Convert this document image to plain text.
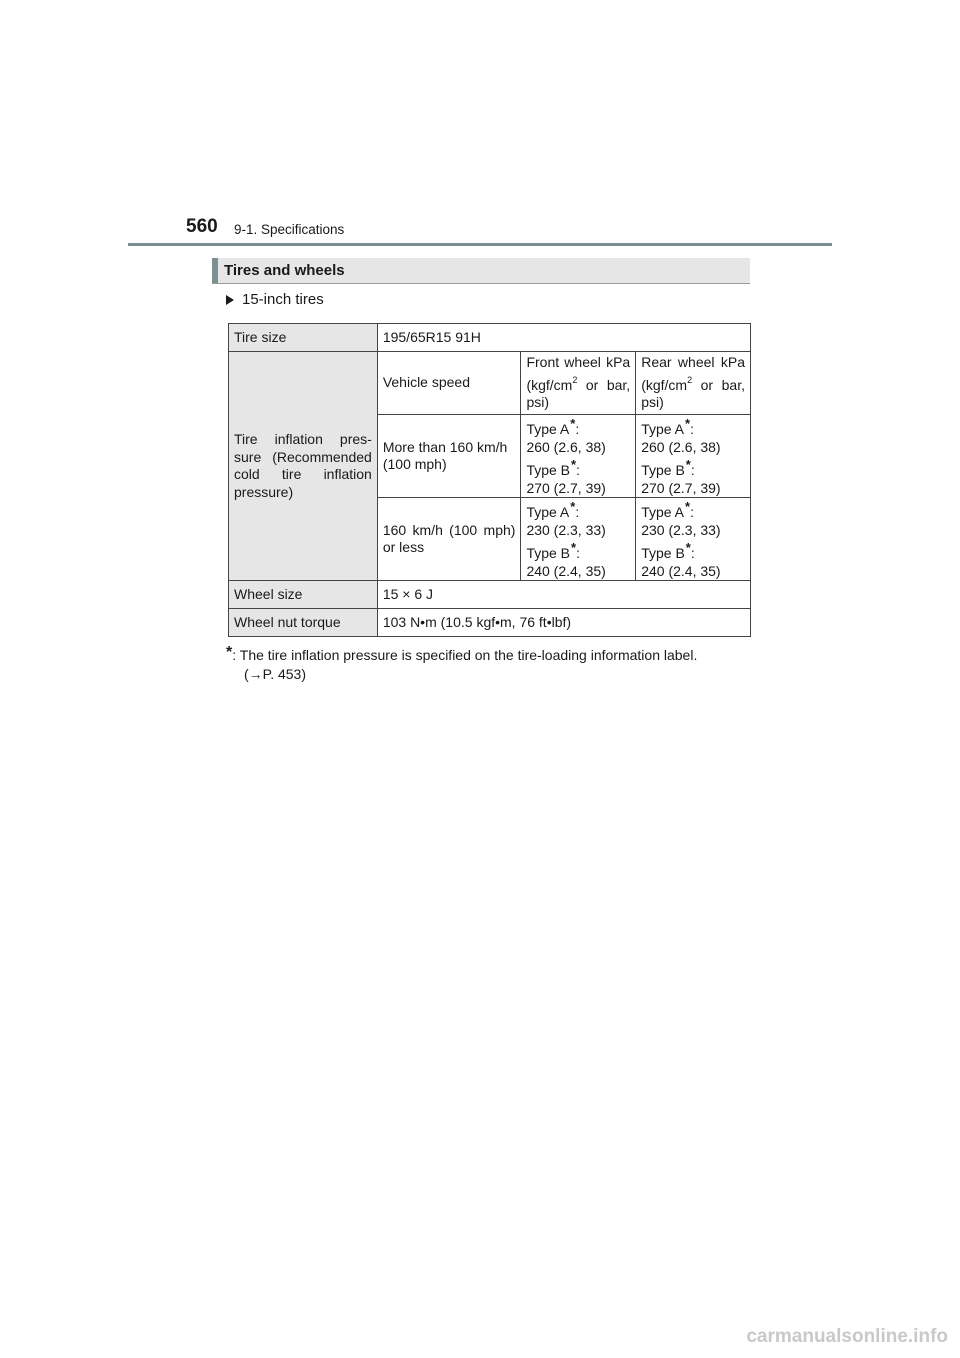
560 9-1. Specifications
Tires and wheels
15-inch tires
Tire size	195/65R15 91H		
Tire inflation pres-sure (Recommended cold tire inflation pressure)	Vehicle speed	Front wheel kPa ($kgf/cm^2$ or bar, psi)	Rear wheel kPa ($kgf/cm^2$ or bar, psi)
	More than 160 km/h (100 mph)	Type A*:
260 (2.6, 38)
Type B*:
270 (2.7, 39)	Type A*:
260 (2.6, 38)
Type B*:
270 (2.7, 39)
	160 km/h (100 mph) or less	Type A*:
230 (2.3, 33)
Type B*:
240 (2.4, 35)	Type A*:
230 (2.3, 33)
Type B*:
240 (2.4, 35)
Wheel size	15 × 6 J		
Wheel nut torque	103 N•m (10.5 kgf•m, 76 ft•lbf)		
*: The tire inflation pressure is specified on the tire-loading information label.
(→P. 453)
carmanualsonline.info
